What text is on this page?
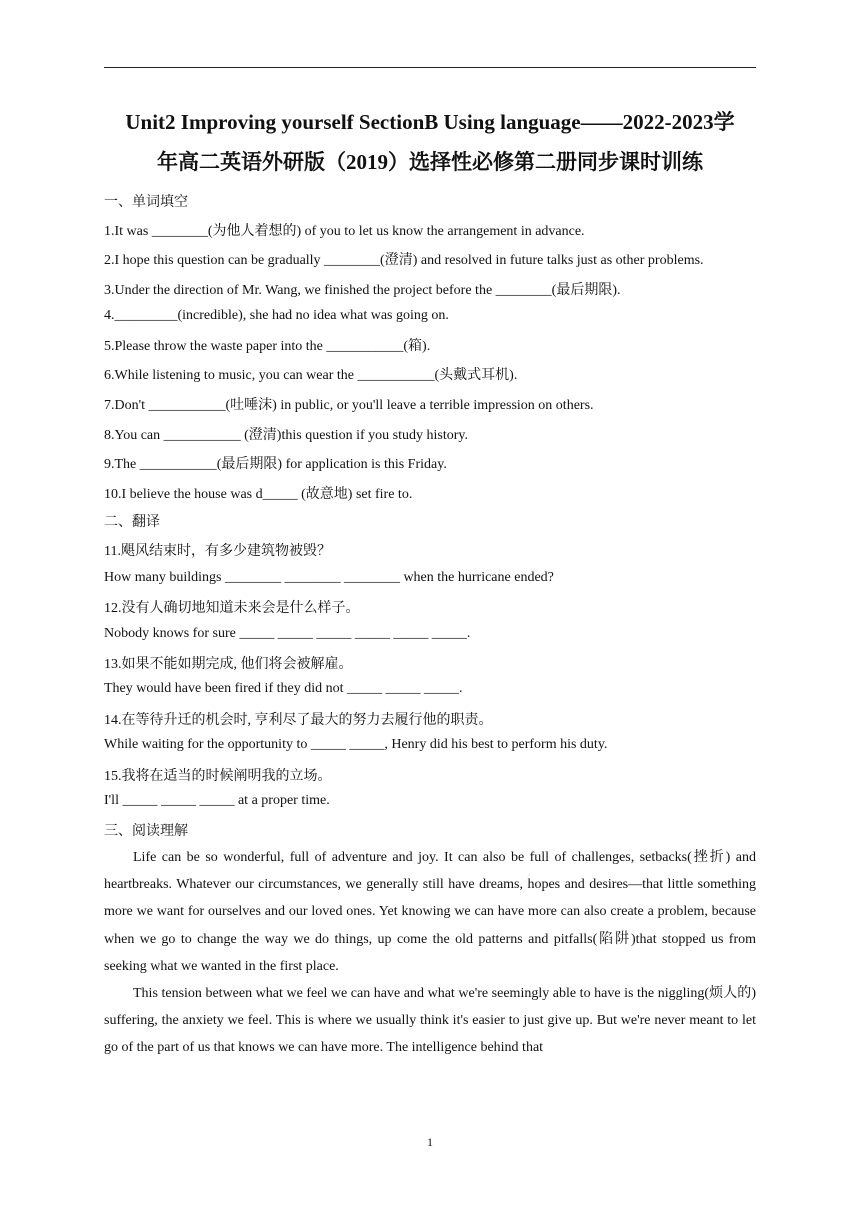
Unit2 Improving yourself SectionB Using language——2022-2023学
年高二英语外研版（2019）选择性必修第二册同步课时训练
一、单词填空
1.It was ________(为他人着想的) of you to let us know the arrangement in advance.
2.I hope this question can be gradually ________(澄清) and resolved in future talks just as other problems.
3.Under the direction of Mr. Wang, we finished the project before the ________(最后期限).
4._________(incredible), she had no idea what was going on.
5.Please throw the waste paper into the ___________(箱).
6.While listening to music, you can wear the ___________(头戴式耳机).
7.Don't ___________(吐唾沫) in public, or you'll leave a terrible impression on others.
8.You can ___________ (澄清)this question if you study history.
9.The ___________(最后期限) for application is this Friday.
10.I believe the house was d_____ (故意地) set fire to.
二、翻译
11.飓风结束时，有多少建筑物被毁？
How many buildings ________ ________ ________ when the hurricane ended?
12.没有人确切地知道未来会是什么样子。
Nobody knows for sure _____ _____ _____ _____ _____ _____.
13.如果不能如期完成, 他们将会被解雇。
They would have been fired if they did not _____ _____ _____.
14.在等待升迁的机会时, 亨利尽了最大的努力去履行他的职责。
While waiting for the opportunity to _____ _____, Henry did his best to perform his duty.
15.我将在适当的时候阐明我的立场。
I'll _____ _____ _____ at a proper time.
三、阅读理解

Life can be so wonderful, full of adventure and joy. It can also be full of challenges, setbacks(挫折) and heartbreaks. Whatever our circumstances, we generally still have dreams, hopes and desires—that little something more we want for ourselves and our loved ones. Yet knowing we can have more can also create a problem, because when we go to change the way we do things, up come the old patterns and pitfalls(陷阱)that stopped us from seeking what we wanted in the first place.

This tension between what we feel we can have and what we're seemingly able to have is the niggling(烦人的) suffering, the anxiety we feel. This is where we usually think it's easier to just give up. But we're never meant to let go of the part of us that knows we can have more. The intelligence behind that

1
